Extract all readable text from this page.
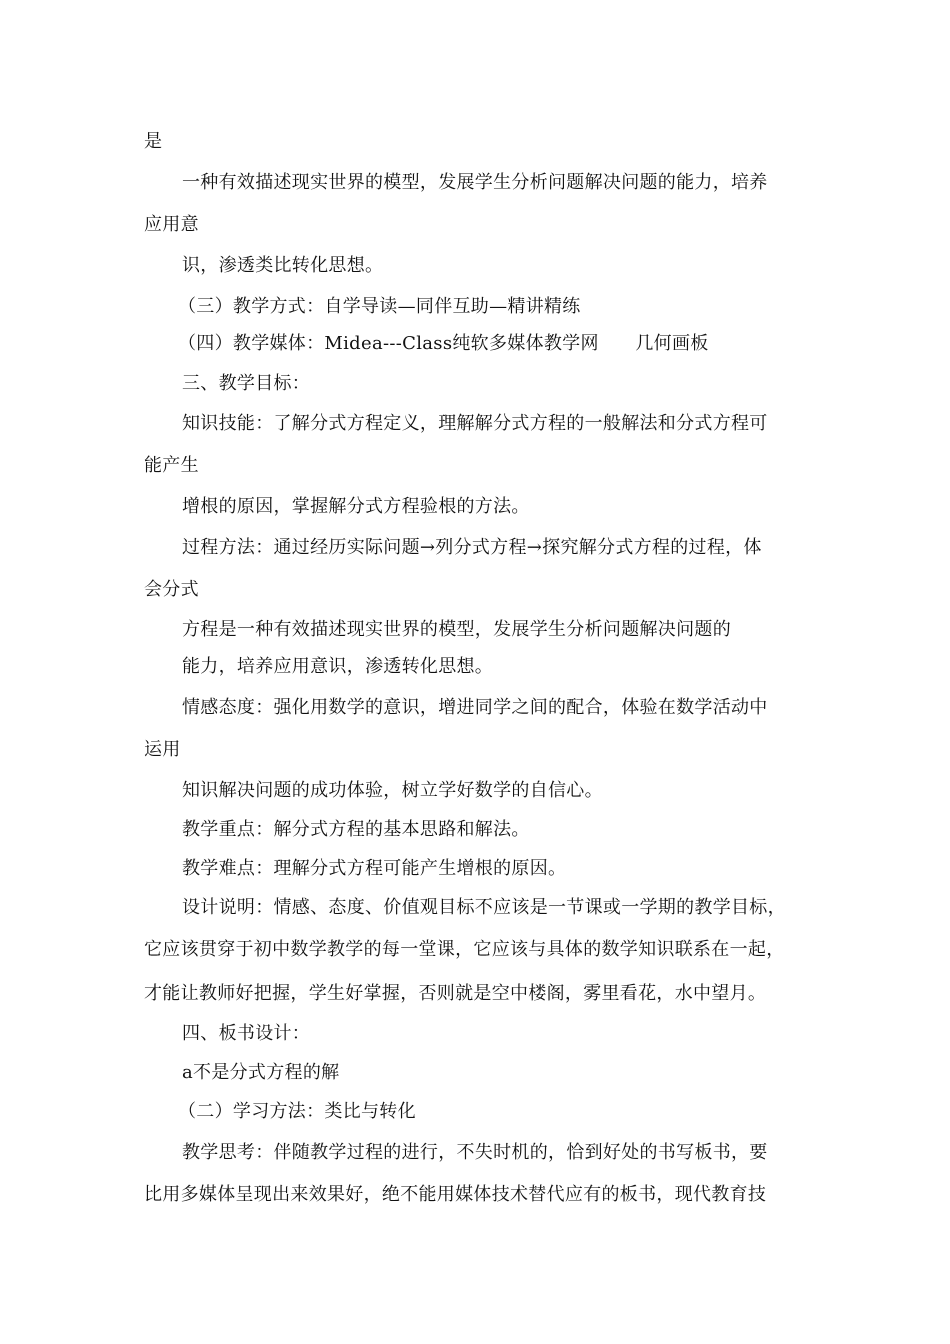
是
一种有效描述现实世界的模型，发展学生分析问题解决问题的能力，培养
应用意
识，渗透类比转化思想。
（三）教学方式：自学导读—同伴互助—精讲精练
（四）教学媒体：Midea---Class纯软多媒体教学网　　几何画板
三、教学目标：
知识技能：了解分式方程定义，理解解分式方程的一般解法和分式方程可
能产生
增根的原因，掌握解分式方程验根的方法。
过程方法：通过经历实际问题→列分式方程→探究解分式方程的过程，体
会分式
方程是一种有效描述现实世界的模型，发展学生分析问题解决问题的
能力，培养应用意识，渗透转化思想。
情感态度：强化用数学的意识，增进同学之间的配合，体验在数学活动中
运用
知识解决问题的成功体验，树立学好数学的自信心。
教学重点：解分式方程的基本思路和解法。
教学难点：理解分式方程可能产生增根的原因。
设计说明：情感、态度、价值观目标不应该是一节课或一学期的教学目标，
它应该贯穿于初中数学教学的每一堂课，它应该与具体的数学知识联系在一起，
才能让教师好把握，学生好掌握，否则就是空中楼阁，雾里看花，水中望月。
四、板书设计：
a不是分式方程的解
（二）学习方法：类比与转化
教学思考：伴随教学过程的进行，不失时机的，恰到好处的书写板书，要
比用多媒体呈现出来效果好，绝不能用媒体技术替代应有的板书，现代教育技
